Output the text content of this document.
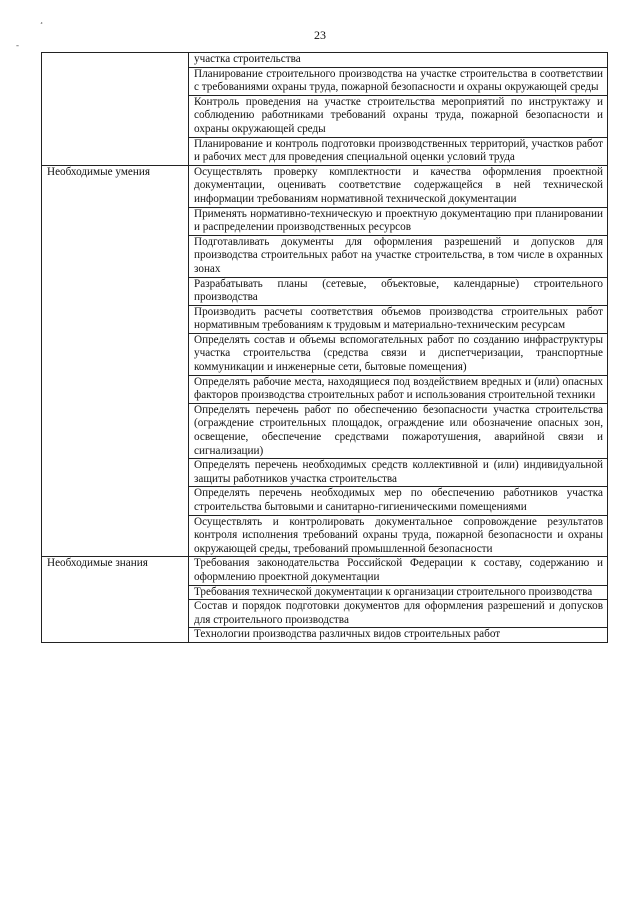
23
¸
-
	участка строительства
	Планирование строительного производства на участке строительства в соответствии с требованиями охраны труда, пожарной безопасности и охраны окружающей среды
	Контроль проведения на участке строительства мероприятий по инструктажу и соблюдению работниками требований охраны труда, пожарной безопасности и охраны окружающей среды
	Планирование и контроль подготовки производственных территорий, участков работ и рабочих мест для проведения специальной оценки условий труда
Необходимые умения	Осуществлять проверку комплектности и качества оформления проектной документации, оценивать соответствие содержащейся в ней технической информации требованиям нормативной технической документации
	Применять нормативно-техническую и проектную документацию при планировании и распределении производственных ресурсов
	Подготавливать документы для оформления разрешений и допусков для производства строительных работ на участке строительства, в том числе в охранных зонах
	Разрабатывать планы (сетевые, объектовые, календарные) строительного производства
	Производить расчеты соответствия объемов производства строительных работ нормативным требованиям к трудовым и материально-техническим ресурсам
	Определять состав и объемы вспомогательных работ по созданию инфраструктуры участка строительства (средства связи и диспетчеризации, транспортные коммуникации и инженерные сети, бытовые помещения)
	Определять рабочие места, находящиеся под воздействием вредных и (или) опасных факторов производства строительных работ и использования строительной техники
	Определять перечень работ по обеспечению безопасности участка строительства (ограждение строительных площадок, ограждение или обозначение опасных зон, освещение, обеспечение средствами пожаротушения, аварийной связи и сигнализации)
	Определять перечень необходимых средств коллективной и (или) индивидуальной защиты работников участка строительства
	Определять перечень необходимых мер по обеспечению работников участка строительства бытовыми и санитарно-гигиеническими помещениями
	Осуществлять и контролировать документальное сопровождение результатов контроля исполнения требований охраны труда, пожарной безопасности и охраны окружающей среды, требований промышленной безопасности
Необходимые знания	Требования законодательства Российской Федерации к составу, содержанию и оформлению проектной документации
	Требования технической документации к организации строительного производства
	Состав и порядок подготовки документов для оформления разрешений и допусков для строительного производства
	Технологии производства различных видов строительных работ
